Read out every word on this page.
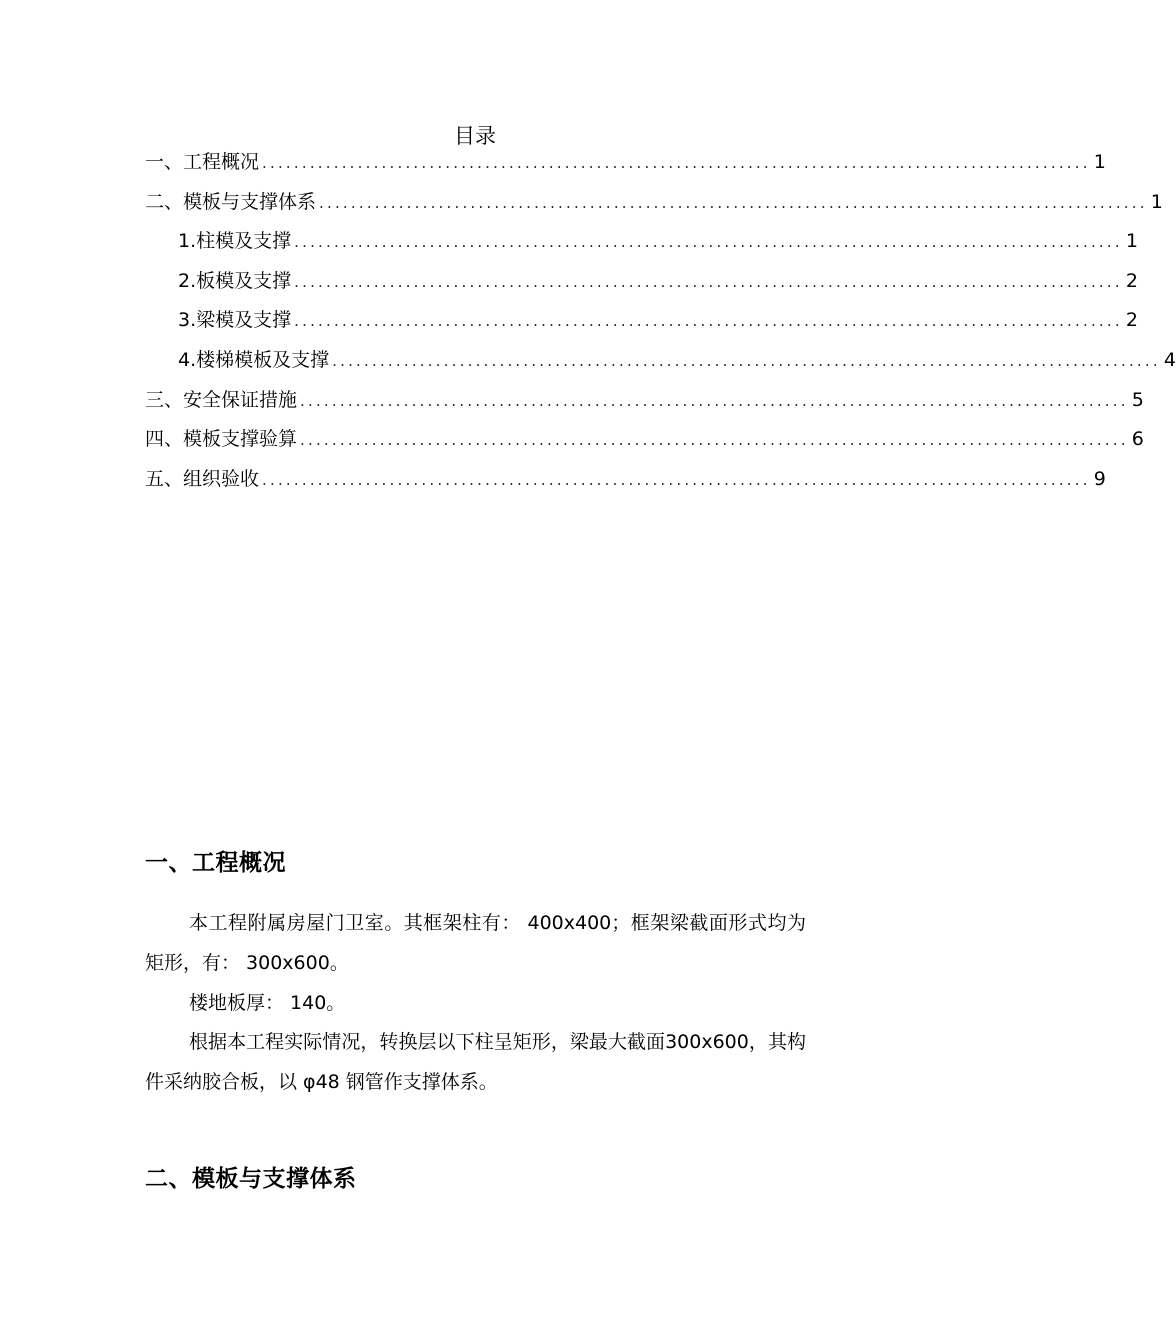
目录
一、工程概况 ........................................................................................................ 1
二、模板与支撑体系 ........................................................................................................ 1
1.柱模及支撑 ........................................................................................................ 1
2.板模及支撑 ........................................................................................................ 2
3.梁模及支撑 ........................................................................................................ 2
4.楼梯模板及支撑 ........................................................................................................ 4
三、安全保证措施 ........................................................................................................ 5
四、模板支撑验算 ........................................................................................................ 6
五、组织验收 ........................................................................................................ 9
一、工程概况
本工程附属房屋门卫室。其框架柱有： 400x400；框架梁截面形式均为矩形，有： 300x600。
楼地板厚： 140。
根据本工程实际情况，转换层以下柱呈矩形，梁最大截面300x600，其构件采纳胶合板，以 φ48 钢管作支撑体系。
二、模板与支撑体系
